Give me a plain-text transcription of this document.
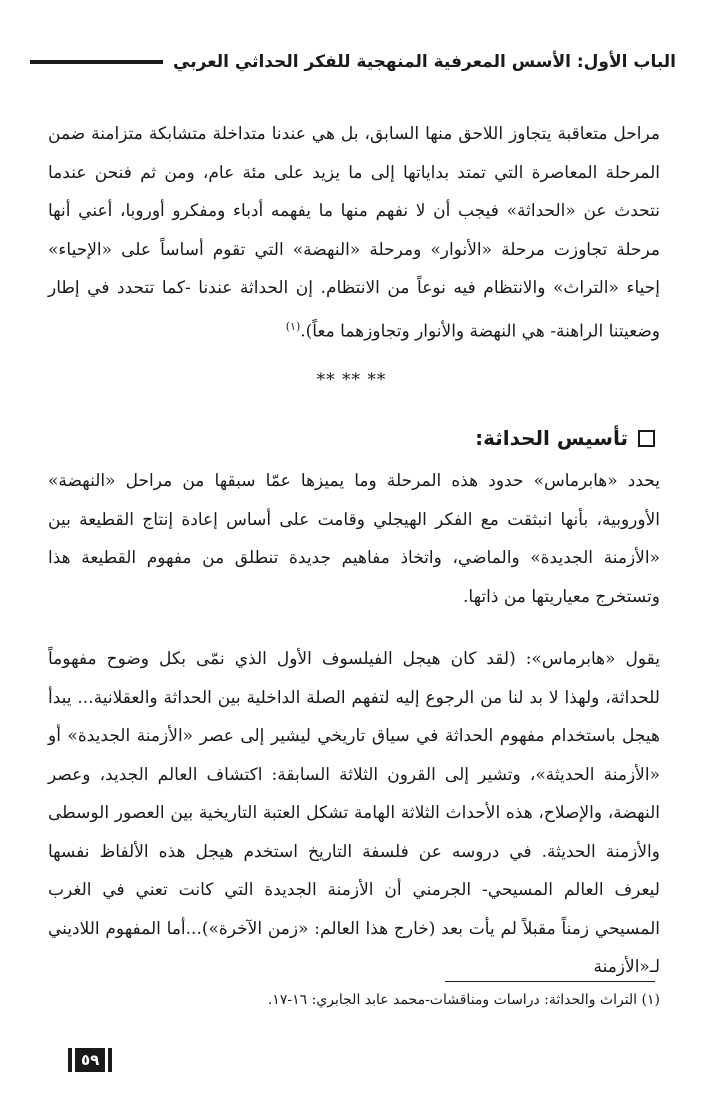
الباب الأول: الأسس المعرفية المنهجية للفكر الحداثي العربي

مراحل متعاقبة يتجاوز اللاحق منها السابق، بل هي عندنا متداخلة متشابكة متزامنة ضمن المرحلة المعاصرة التي تمتد بداياتها إلى ما يزيد على مئة عام، ومن ثم فنحن عندما نتحدث عن «الحداثة» فيجب أن لا نفهم منها ما يفهمه أدباء ومفكرو أوروبا، أعني أنها مرحلة تجاوزت مرحلة «الأنوار» ومرحلة «النهضة» التي تقوم أساساً على «الإحياء» إحياء «التراث» والانتظام فيه نوعاً من الانتظام. إن الحداثة عندنا -كما تتحدد في إطار وضعيتنا الراهنة- هي النهضة والأنوار وتجاوزهما معاً).$^{(١)}$

** ** **
تأسيس الحداثة:

يحدد «هابرماس» حدود هذه المرحلة وما يميزها عمّا سبقها من مراحل «النهضة» الأوروبية، بأنها انبثقت مع الفكر الهيجلي وقامت على أساس إعادة إنتاج القطيعة بين «الأزمنة الجديدة» والماضي، واتخاذ مفاهيم جديدة تنطلق من مفهوم القطيعة هذا وتستخرج معياريتها من ذاتها.

يقول «هابرماس»: (لقد كان هيجل الفيلسوف الأول الذي نمّى بكل وضوح مفهوماً للحداثة، ولهذا لا بد لنا من الرجوع إليه لتفهم الصلة الداخلية بين الحداثة والعقلانية... يبدأ هيجل باستخدام مفهوم الحداثة في سياق تاريخي ليشير إلى عصر «الأزمنة الجديدة» أو «الأزمنة الحديثة»، وتشير إلى القرون الثلاثة السابقة: اكتشاف العالم الجديد، وعصر النهضة، والإصلاح، هذه الأحداث الثلاثة الهامة تشكل العتبة التاريخية بين العصور الوسطى والأزمنة الحديثة. في دروسه عن فلسفة التاريخ استخدم هيجل هذه الألفاظ نفسها ليعرف العالم المسيحي- الجرمني أن الأزمنة الجديدة التي كانت تعني في الغرب المسيحي زمناً مقبلاً لم يأت بعد (خارج هذا العالم: «زمن الآخرة»)...أما المفهوم اللاديني لـ«الأزمنة

(١) التراث والحداثة: دراسات ومناقشات-محمد عابد الجابري: ١٦-١٧.
٥٩
